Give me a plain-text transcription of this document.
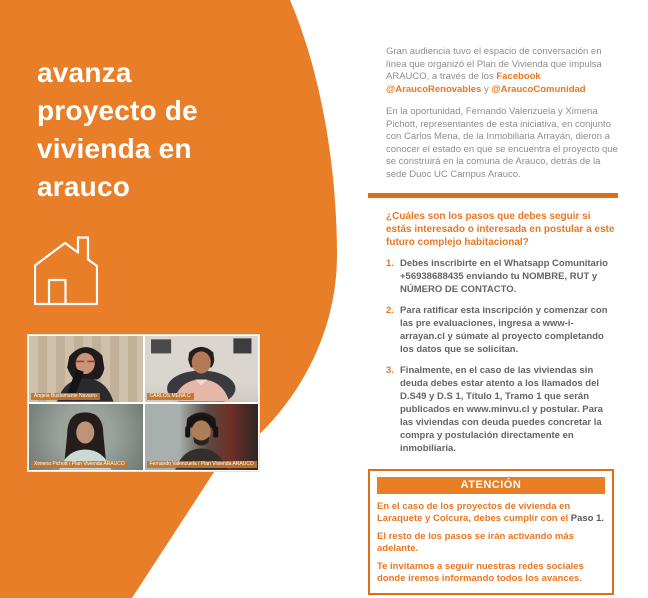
avanza
proyecto de
vivienda en
arauco
Angela Bustamante Navarro	CARLOS MENA C
Ximena Pichott / Plan Vivienda ARAUCO	Fernando Valenzuela / Plan Vivienda ARAUCO

Gran audiencia tuvo el espacio de conversación en línea que organizó el Plan de Vivienda que impulsa ARAUCO, a través de los Facebook @AraucoRenovables y @AraucoComunidad

En la oportunidad, Fernando Valenzuela y Ximena Pichott, representantes de esta iniciativa, en conjunto con Carlos Mena, de la Inmobiliaria Arrayán, dieron a conocer el estado en que se encuentra el proyecto que se construirá en la comuna de Arauco, detrás de la sede Duoc UC Campus Arauco.

¿Cuáles son los pasos que debes seguir si estás interesado o interesada en postular a este futuro complejo habitacional?
1. Debes inscribirte en el Whatsapp Comunitario +56938688435 enviando tu NOMBRE, RUT y NÚMERO DE CONTACTO.
2. Para ratificar esta inscripción y comenzar con las pre evaluaciones, ingresa a www-i-arrayan.cl y súmate al proyecto completando los datos que se solicitan.
3. Finalmente, en el caso de las viviendas sin deuda debes estar atento a los llamados del D.S49 y D.S 1, Título 1, Tramo 1 que serán publicados en www.minvu.cl y postular. Para las viviendas con deuda puedes concretar la compra y postulación directamente en inmobiliaria.
ATENCIÓN

En el caso de los proyectos de vivienda en Laraquete y Colcura, debes cumplir con el Paso 1.

El resto de los pasos se irán activando más adelante.

Te invitamos a seguir nuestras redes sociales donde iremos informando todos los avances.
